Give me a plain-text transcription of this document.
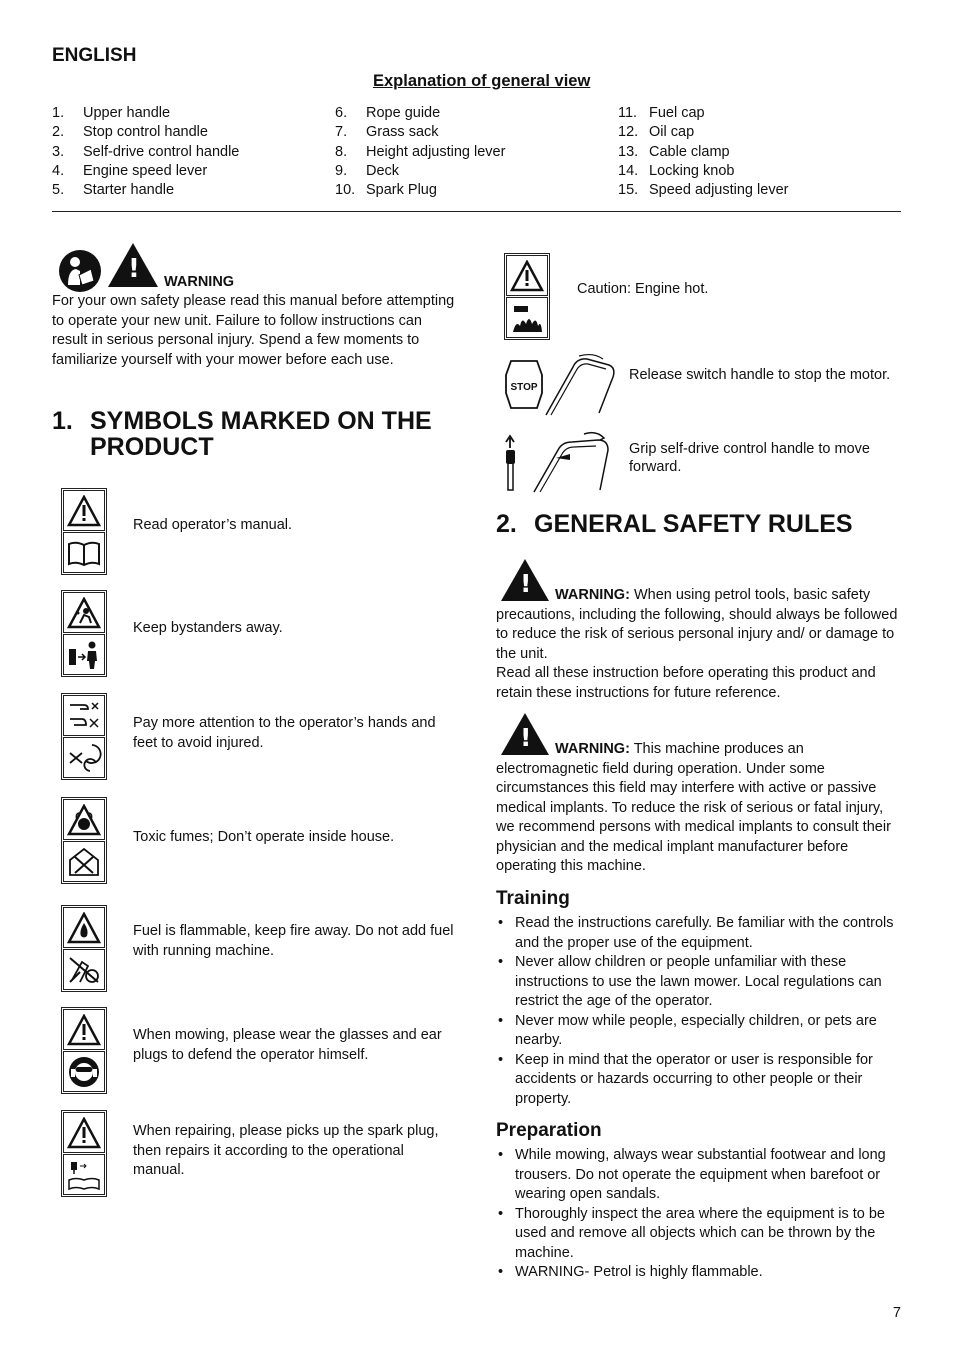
ENGLISH
Explanation of general view
1. Upper handle
2. Stop control handle
3. Self-drive control handle
4. Engine speed lever
5. Starter handle
6. Rope guide
7. Grass sack
8. Height adjusting lever
9. Deck
10. Spark Plug
11. Fuel cap
12. Oil cap
13. Cable clamp
14. Locking knob
15. Speed adjusting lever
!
WARNING
For your own safety please read this manual before attempting to operate your new unit. Failure to follow instructions can result in serious personal injury. Spend a few moments to familiarize yourself with your mower before each use.
1. SYMBOLS MARKED ON THE
PRODUCT
Read operator’s manual.
Keep bystanders away.
Pay more attention to the operator’s hands and feet to avoid injured.
Toxic fumes; Don’t operate inside house.
Fuel is flammable, keep fire away. Do not add fuel with running machine.
When mowing, please wear the glasses and ear plugs to defend the operator himself.
When repairing, please picks up the spark plug, then repairs it according to the operational manual.
Caution: Engine hot.
STOP
Release switch handle to stop the motor.
Grip self-drive control handle to move forward.
2. GENERAL SAFETY RULES
!
WARNING: When using petrol tools, basic safety precautions, including the following, should always be followed to reduce the risk of serious personal injury and/ or damage to the unit.
Read all these instruction before operating this product and retain these instructions for future reference.
!
WARNING: This machine produces an electromagnetic field during operation. Under some circumstances this field may interfere with active or passive medical implants. To reduce the risk of serious or fatal injury, we recommend persons with medical implants to consult their physician and the medical implant manufacturer before operating this machine.
Training
• Read the instructions carefully. Be familiar with the controls and the proper use of the equipment.
• Never allow children or people unfamiliar with these instructions to use the lawn mower. Local regulations can restrict the age of the operator.
• Never mow while people, especially children, or pets are nearby.
• Keep in mind that the operator or user is responsible for accidents or hazards occurring to other people or their property.
Preparation
• While mowing, always wear substantial footwear and long trousers. Do not operate the equipment when barefoot or wearing open sandals.
• Thoroughly inspect the area where the equipment is to be used and remove all objects which can be thrown by the machine.
• WARNING- Petrol is highly flammable.
7
